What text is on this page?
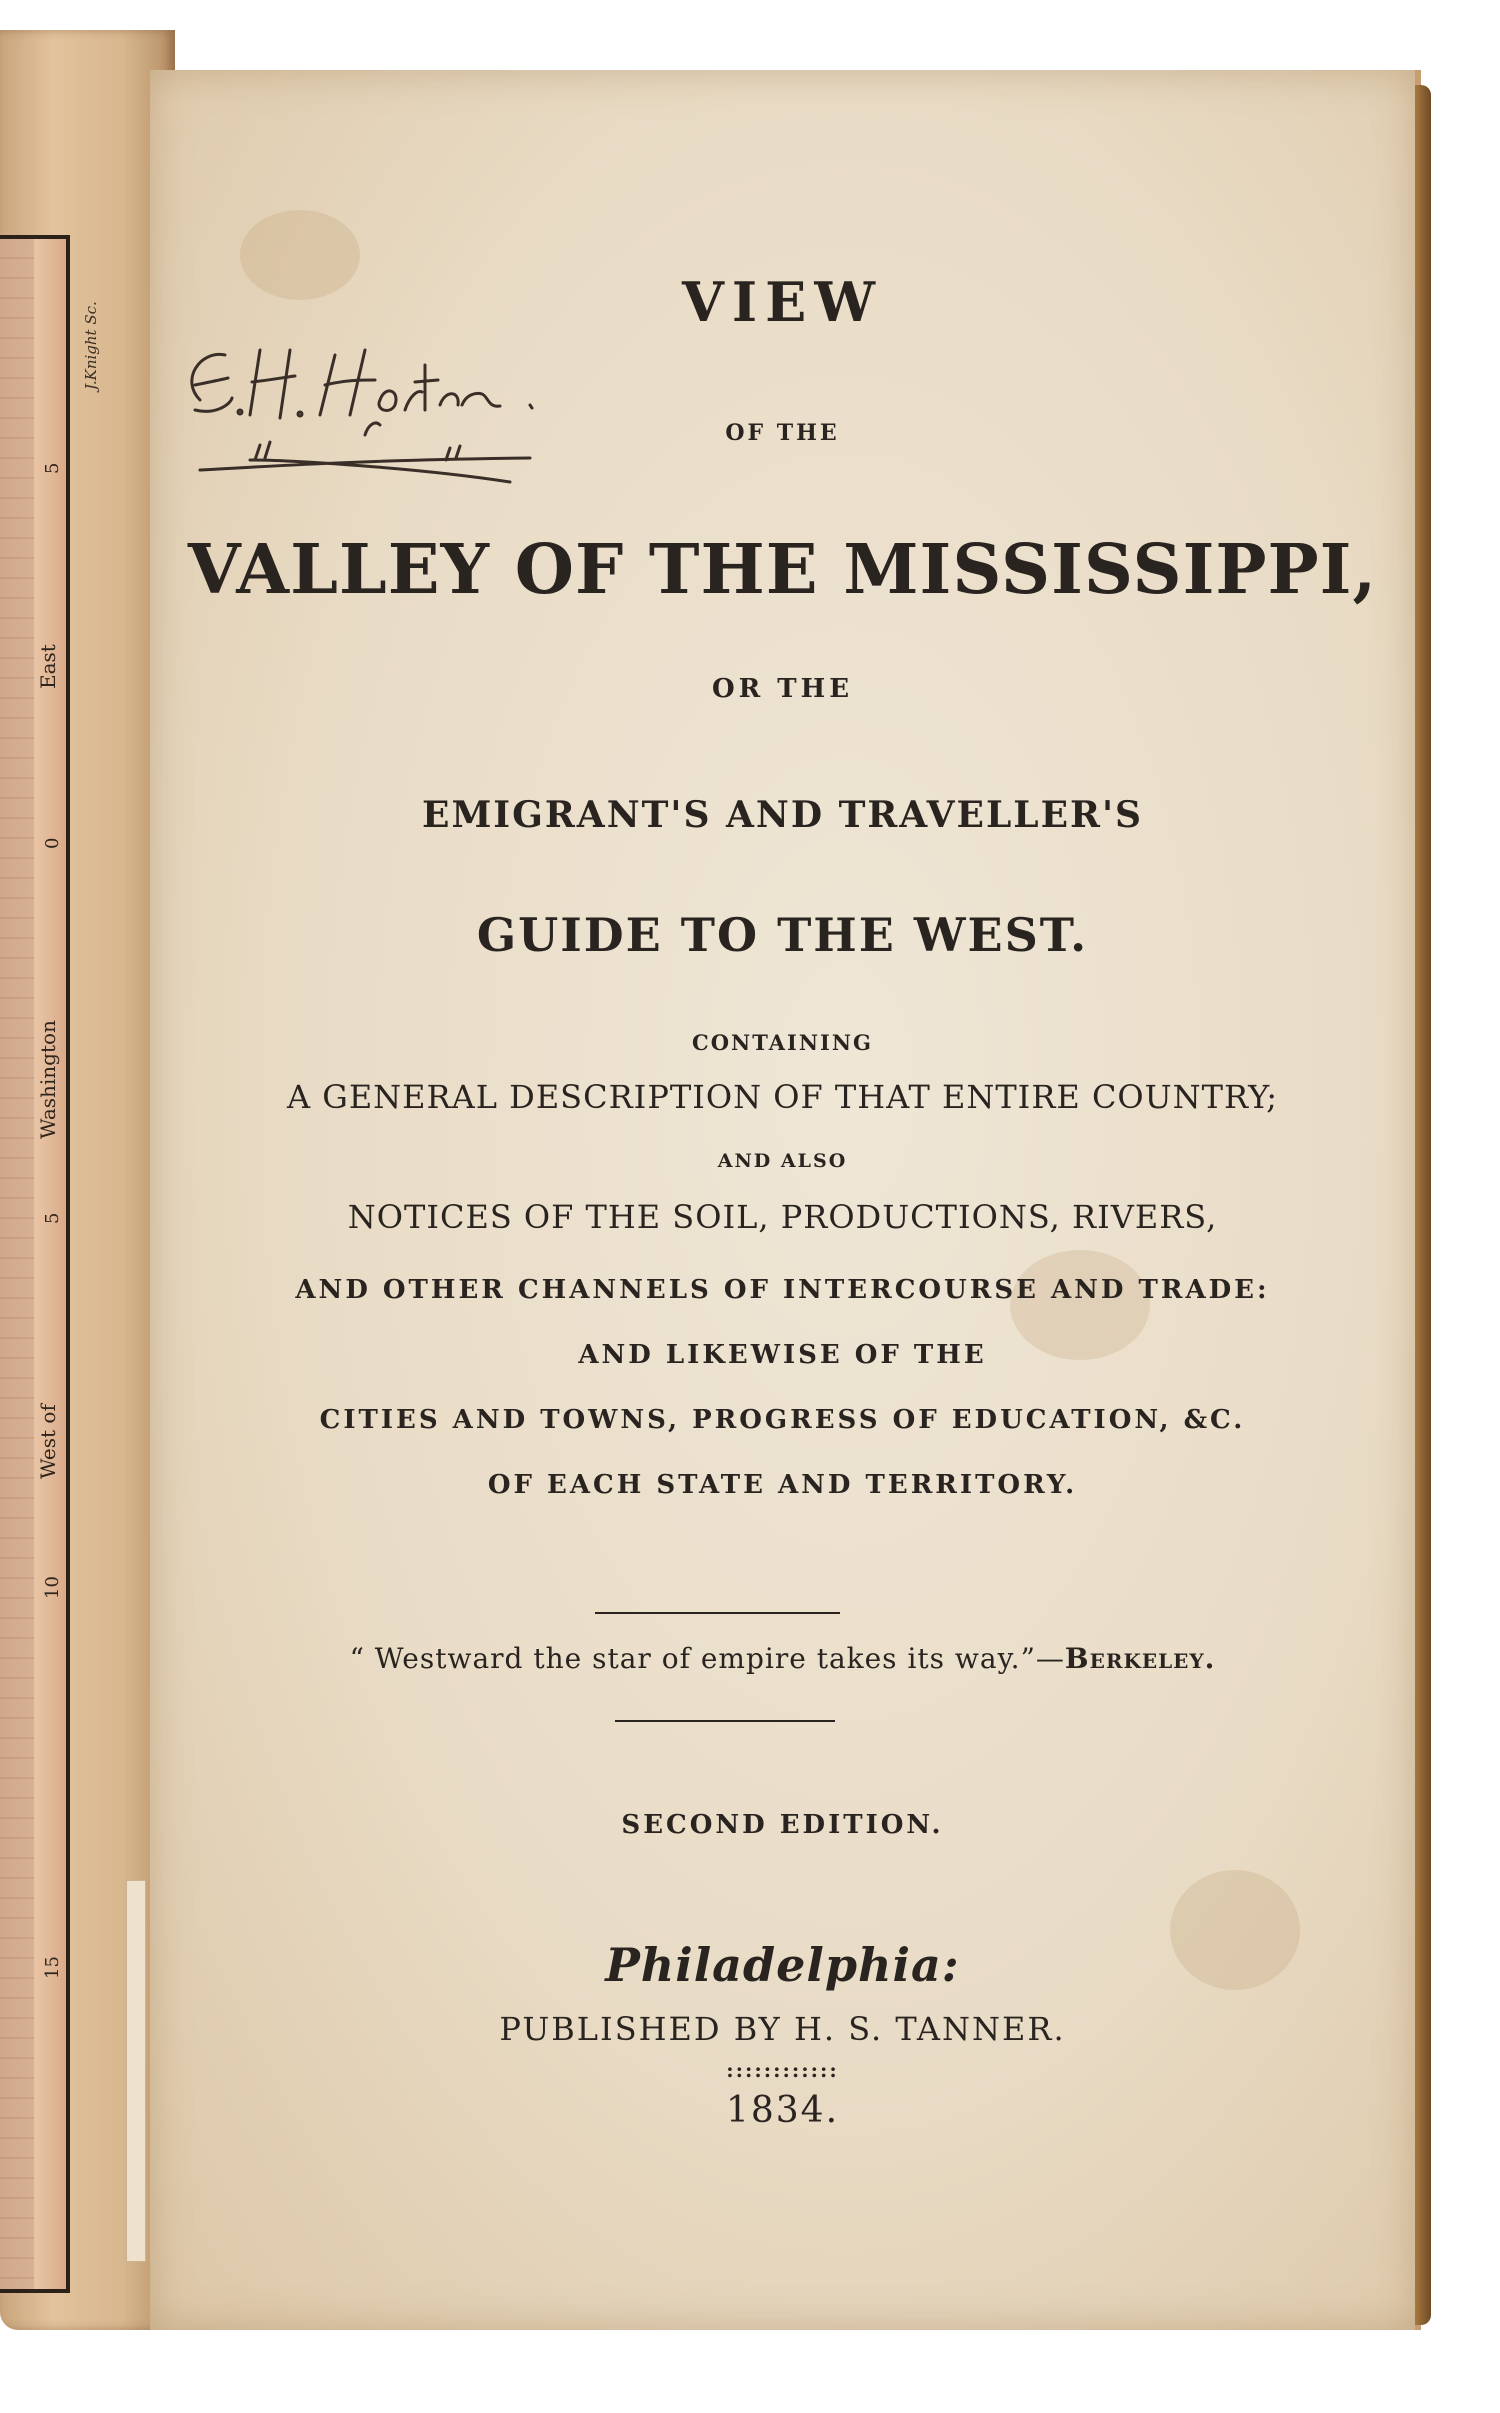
5
East
0
Washington
5
West of
10
15
J.Knight Sc.	VIEW
OF THE
VALLEY OF THE MISSISSIPPI,
OR THE
EMIGRANT'S AND TRAVELLER'S
GUIDE TO THE WEST.
CONTAINING
A GENERAL DESCRIPTION OF THAT ENTIRE COUNTRY;
AND ALSO
NOTICES OF THE SOIL, PRODUCTIONS, RIVERS,
AND OTHER CHANNELS OF INTERCOURSE AND TRADE:
AND LIKEWISE OF THE
CITIES AND TOWNS, PROGRESS OF EDUCATION, &C.
OF EACH STATE AND TERRITORY.
“ Westward the star of empire takes its way.”—Berkeley.
SECOND EDITION.
Philadelphia:
PUBLISHED BY H. S. TANNER.
::::::::::::
1834.
